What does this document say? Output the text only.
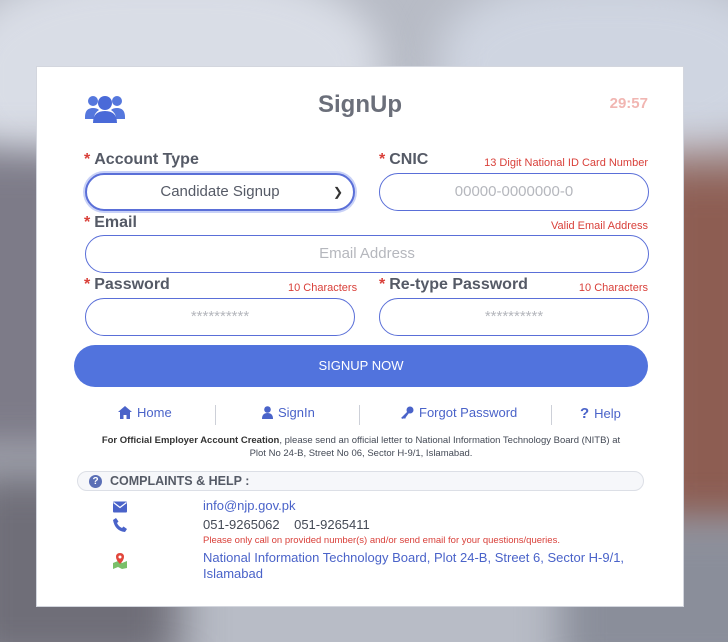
SignUp	29:57
* Account Type
Candidate Signup	❯
* CNIC	13 Digit National ID Card Number
00000-0000000-0
* Email	Valid Email Address
Email Address
* Password	10 Characters
**********
* Re-type Password	10 Characters
**********
SIGNUP NOW
Home	SignIn	Forgot Password	? Help
For Official Employer Account Creation, please send an official letter to National Information Technology Board (NITB) at Plot No 24-B, Street No 06, Sector H-9/1, Islamabad.
? COMPLAINTS & HELP :
info@njp.gov.pk
051-9265062 051-9265411
Please only call on provided number(s) and/or send email for your questions/queries.
National Information Technology Board, Plot 24-B, Street 6, Sector H-9/1,
Islamabad
